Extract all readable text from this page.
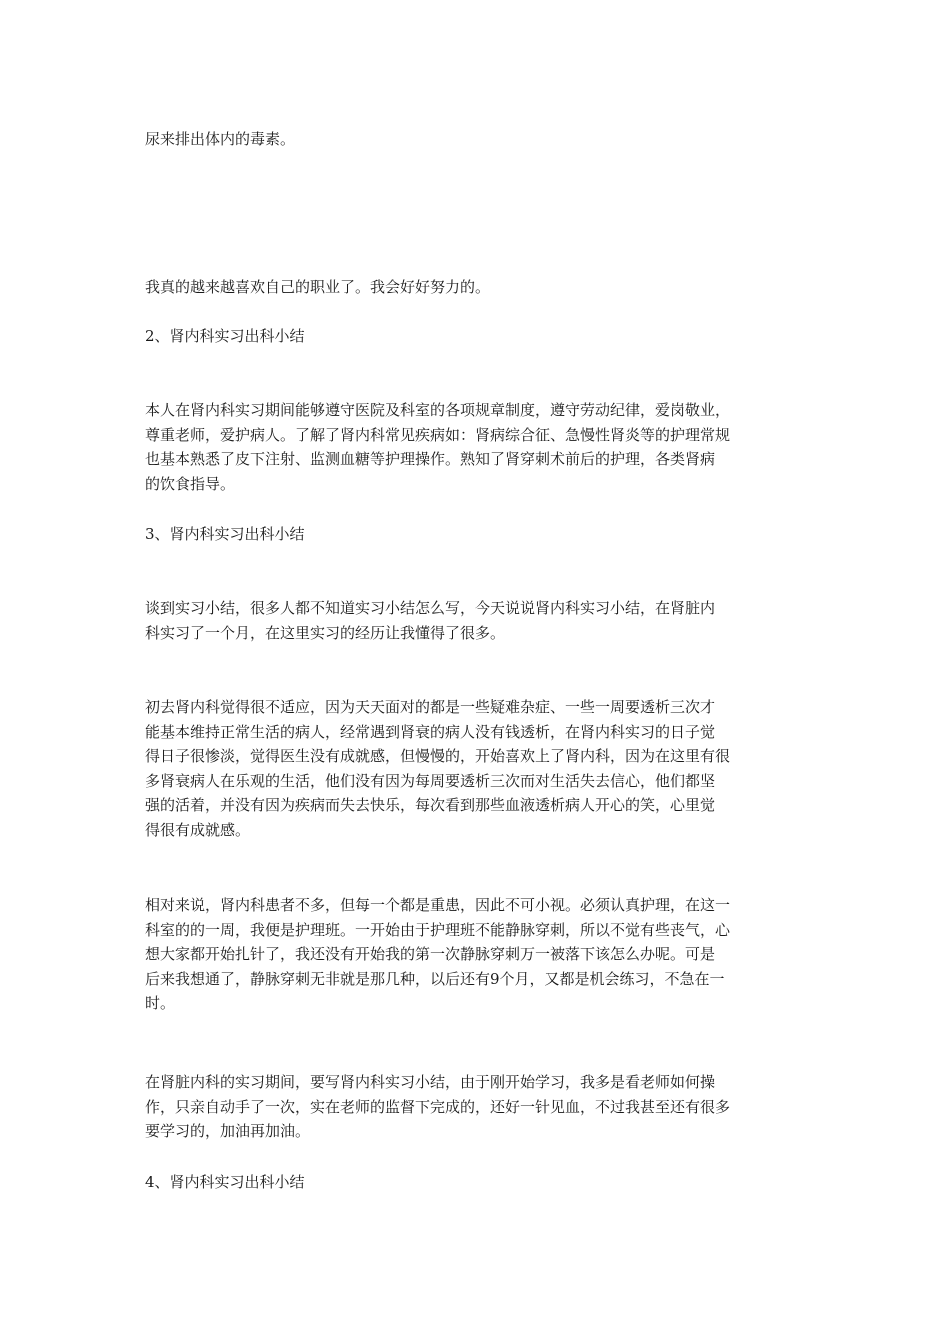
尿来排出体内的毒素。

我真的越来越喜欢自己的职业了。我会好好努力的。

2、肾内科实习出科小结

本人在肾内科实习期间能够遵守医院及科室的各项规章制度，遵守劳动纪律，爱岗敬业，
尊重老师，爱护病人。了解了肾内科常见疾病如：肾病综合征、急慢性肾炎等的护理常规
也基本熟悉了皮下注射、监测血糖等护理操作。熟知了肾穿刺术前后的护理，各类肾病
的饮食指导。

3、肾内科实习出科小结

谈到实习小结，很多人都不知道实习小结怎么写，今天说说肾内科实习小结，在肾脏内
科实习了一个月，在这里实习的经历让我懂得了很多。

初去肾内科觉得很不适应，因为天天面对的都是一些疑难杂症、一些一周要透析三次才
能基本维持正常生活的病人，经常遇到肾衰的病人没有钱透析，在肾内科实习的日子觉
得日子很惨淡，觉得医生没有成就感，但慢慢的，开始喜欢上了肾内科，因为在这里有很
多肾衰病人在乐观的生活，他们没有因为每周要透析三次而对生活失去信心，他们都坚
强的活着，并没有因为疾病而失去快乐，每次看到那些血液透析病人开心的笑，心里觉
得很有成就感。

相对来说，肾内科患者不多，但每一个都是重患，因此不可小视。必须认真护理，在这一
科室的的一周，我便是护理班。一开始由于护理班不能静脉穿刺，所以不觉有些丧气，心
想大家都开始扎针了，我还没有开始我的第一次静脉穿刺万一被落下该怎么办呢。可是
后来我想通了，静脉穿刺无非就是那几种，以后还有9个月，又都是机会练习，不急在一
时。

在肾脏内科的实习期间，要写肾内科实习小结，由于刚开始学习，我多是看老师如何操
作，只亲自动手了一次，实在老师的监督下完成的，还好一针见血，不过我甚至还有很多
要学习的，加油再加油。

4、肾内科实习出科小结
